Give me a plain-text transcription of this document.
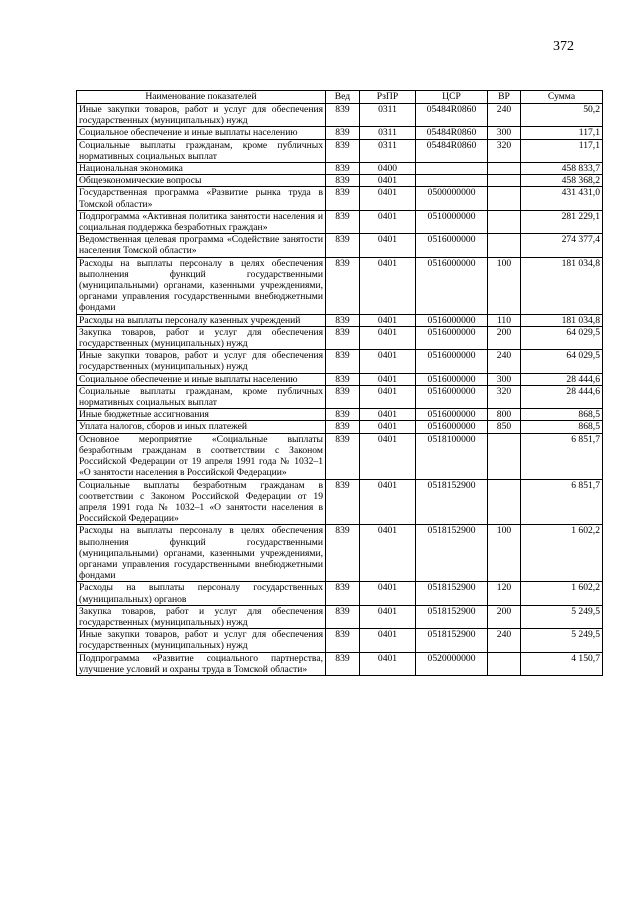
372
Наименование показателей	Вед	РзПР	ЦСР	ВР	Сумма
Иные закупки товаров, работ и услуг для обеспечения государственных (муниципальных) нужд	839	0311	05484R0860	240	50,2
Социальное обеспечение и иные выплаты населению	839	0311	05484R0860	300	117,1
Социальные выплаты гражданам, кроме публичных нормативных социальных выплат	839	0311	05484R0860	320	117,1
Национальная экономика	839	0400			458 833,7
Общеэкономические вопросы	839	0401			458 368,2
Государственная программа «Развитие рынка труда в Томской области»	839	0401	0500000000		431 431,0
Подпрограмма «Активная политика занятости населения и социальная поддержка безработных граждан»	839	0401	0510000000		281 229,1
Ведомственная целевая программа «Содействие занятости населения Томской области»	839	0401	0516000000		274 377,4
Расходы на выплаты персоналу в целях обеспечения выполнения функций государственными (муниципальными) органами, казенными учреждениями, органами управления государственными внебюджетными фондами	839	0401	0516000000	100	181 034,8
Расходы на выплаты персоналу казенных учреждений	839	0401	0516000000	110	181 034,8
Закупка товаров, работ и услуг для обеспечения государственных (муниципальных) нужд	839	0401	0516000000	200	64 029,5
Иные закупки товаров, работ и услуг для обеспечения государственных (муниципальных) нужд	839	0401	0516000000	240	64 029,5
Социальное обеспечение и иные выплаты населению	839	0401	0516000000	300	28 444,6
Социальные выплаты гражданам, кроме публичных нормативных социальных выплат	839	0401	0516000000	320	28 444,6
Иные бюджетные ассигнования	839	0401	0516000000	800	868,5
Уплата налогов, сборов и иных платежей	839	0401	0516000000	850	868,5
Основное мероприятие «Социальные выплаты безработным гражданам в соответствии с Законом Российской Федерации от 19 апреля 1991 года № 1032–1 «О занятости населения в Российской Федерации»	839	0401	0518100000		6 851,7
Социальные выплаты безработным гражданам в соответствии с Законом Российской Федерации от 19 апреля 1991 года № 1032–1 «О занятости населения в Российской Федерации»	839	0401	0518152900		6 851,7
Расходы на выплаты персоналу в целях обеспечения выполнения функций государственными (муниципальными) органами, казенными учреждениями, органами управления государственными внебюджетными фондами	839	0401	0518152900	100	1 602,2
Расходы на выплаты персоналу государственных (муниципальных) органов	839	0401	0518152900	120	1 602,2
Закупка товаров, работ и услуг для обеспечения государственных (муниципальных) нужд	839	0401	0518152900	200	5 249,5
Иные закупки товаров, работ и услуг для обеспечения государственных (муниципальных) нужд	839	0401	0518152900	240	5 249,5
Подпрограмма «Развитие социального партнерства, улучшение условий и охраны труда в Томской области»	839	0401	0520000000		4 150,7
